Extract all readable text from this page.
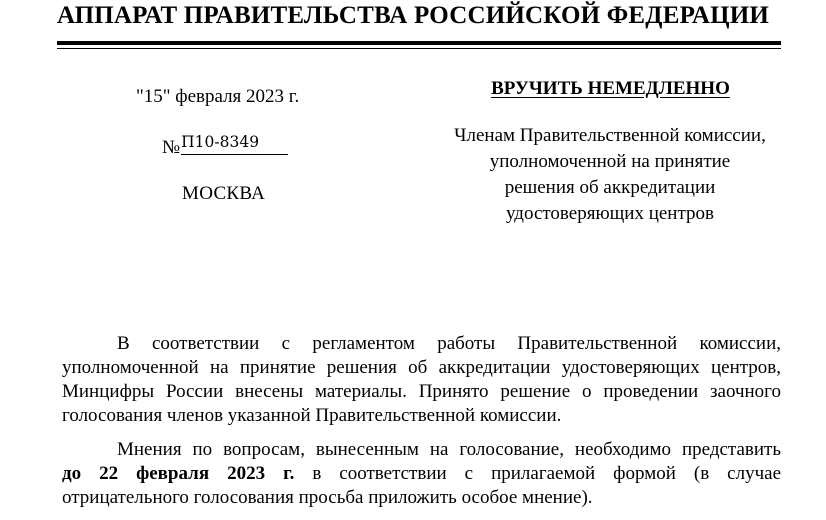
АППАРАТ ПРАВИТЕЛЬСТВА РОССИЙСКОЙ ФЕДЕРАЦИИ
"15" февраля 2023 г.
№П10-8349
МОСКВА
ВРУЧИТЬ НЕМЕДЛЕННО
Членам Правительственной комиссии,
уполномоченной на принятие
решения об аккредитации
удостоверяющих центров
В соответствии с регламентом работы Правительственной комиссии,
уполномоченной на принятие решения об аккредитации удостоверяющих центров,
Минцифры России внесены материалы. Принято решение о проведении заочного
голосования членов указанной Правительственной комиссии.
Мнения по вопросам, вынесенным на голосование, необходимо представить
до 22 февраля 2023 г. в соответствии с прилагаемой формой (в случае
отрицательного голосования просьба приложить особое мнение).
